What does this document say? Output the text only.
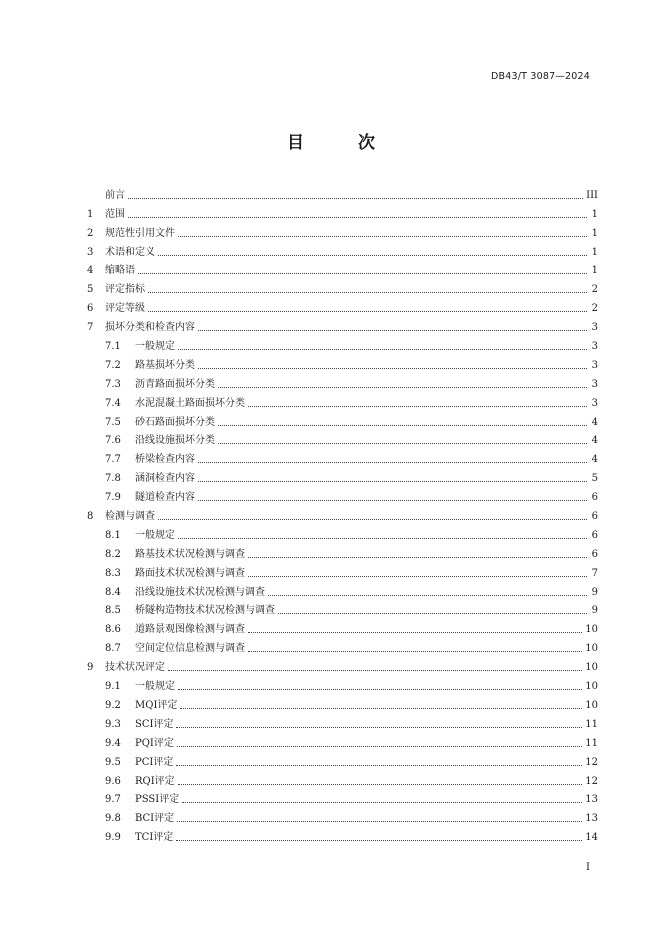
DB43/T 3087—2024
目 次
前言	III
1	范围	1
2	规范性引用文件	1
3	术语和定义	1
4	缩略语	1
5	评定指标	2
6	评定等级	2
7	损坏分类和检查内容	3
7.1	一般规定	3
7.2	路基损坏分类	3
7.3	沥青路面损坏分类	3
7.4	水泥混凝土路面损坏分类	3
7.5	砂石路面损坏分类	4
7.6	沿线设施损坏分类	4
7.7	桥梁检查内容	4
7.8	涵洞检查内容	5
7.9	隧道检查内容	6
8	检测与调查	6
8.1	一般规定	6
8.2	路基技术状况检测与调查	6
8.3	路面技术状况检测与调查	7
8.4	沿线设施技术状况检测与调查	9
8.5	桥隧构造物技术状况检测与调查	9
8.6	道路景观图像检测与调查	10
8.7	空间定位信息检测与调查	10
9	技术状况评定	10
9.1	一般规定	10
9.2	MQI评定	10
9.3	SCI评定	11
9.4	PQI评定	11
9.5	PCI评定	12
9.6	RQI评定	12
9.7	PSSI评定	13
9.8	BCI评定	13
9.9	TCI评定	14
I
